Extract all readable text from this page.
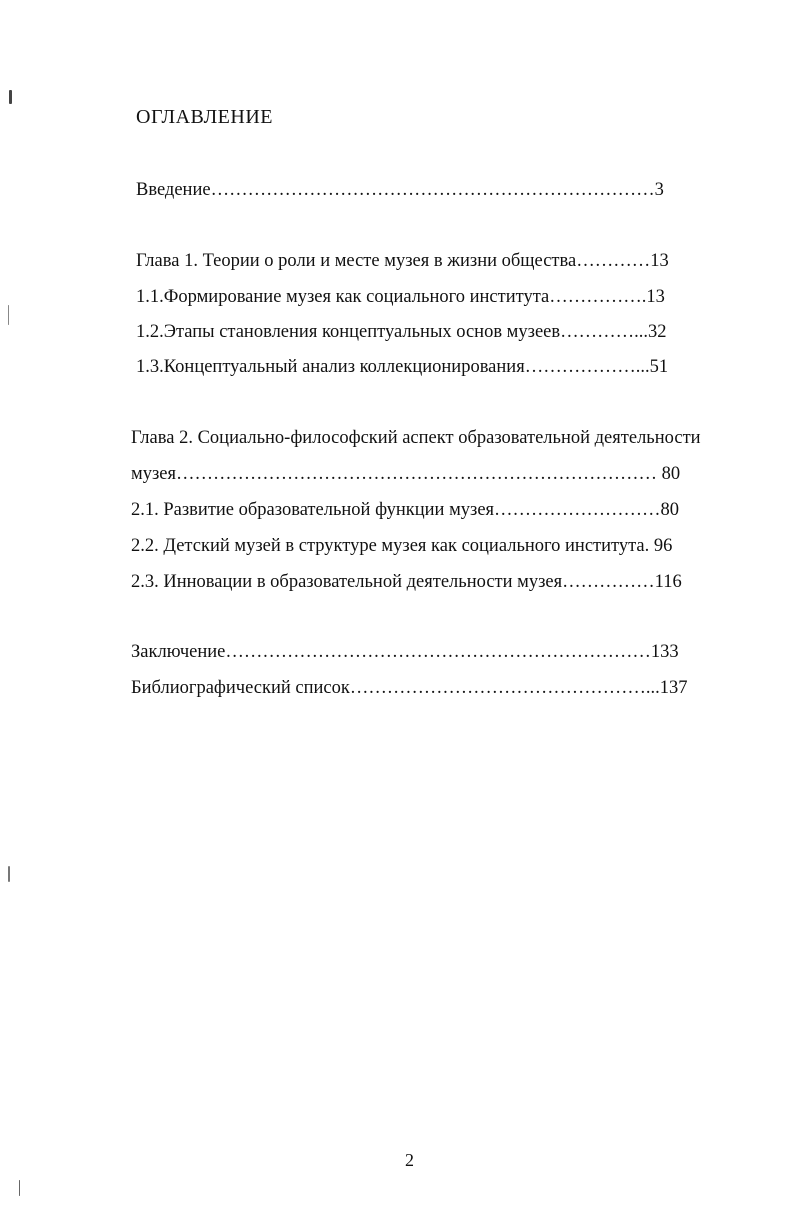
ОГЛАВЛЕНИЕ
Введение………………………………………………………………3
Глава 1. Теории о роли и месте музея в жизни общества…………13
1.1.Формирование музея как социального института…………….13
1.2.Этапы становления концептуальных основ музеев…………...32
1.3.Концептуальный анализ коллекционирования………………...51
Глава 2. Социально-философский аспект образовательной деятельности
музея…………………………………………………………………… 80
2.1. Развитие образовательной функции музея………………………80
2.2. Детский музей в структуре музея как социального института. 96
2.3. Инновации в образовательной деятельности музея……………116
Заключение……………………………………………………………133
Библиографический список…………………………………………...137
2
